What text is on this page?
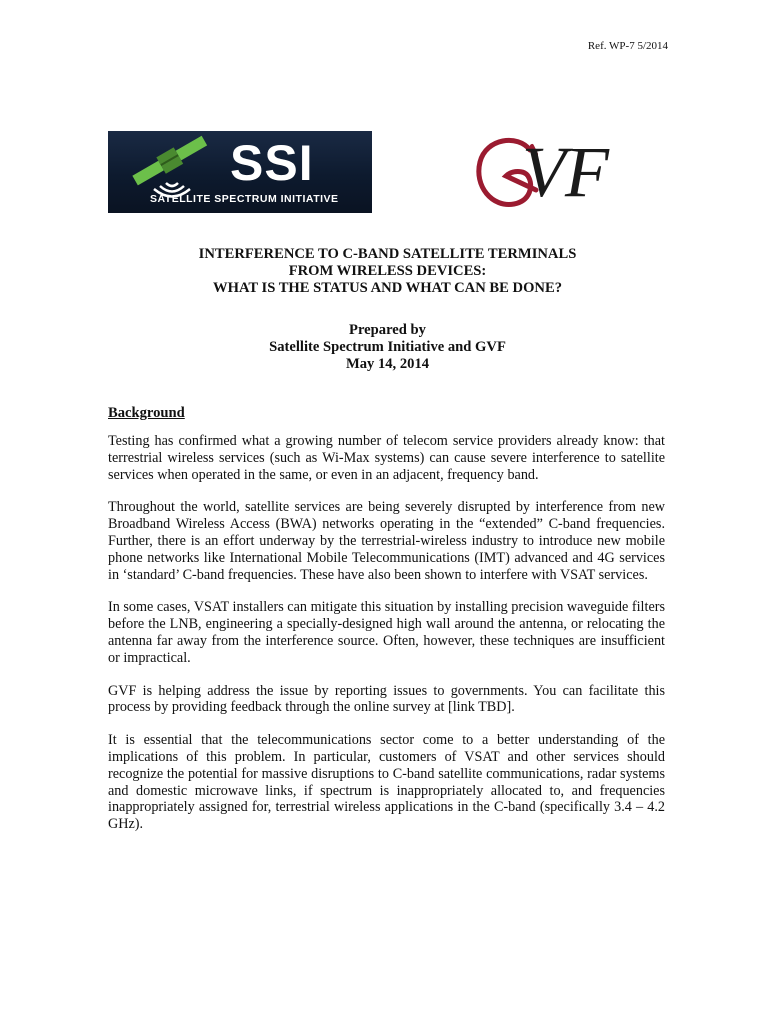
Ref. WP-7 5/2014
SSI
SATELLITE SPECTRUM INITIATIVE	VF
INTERFERENCE TO C-BAND SATELLITE TERMINALS
FROM WIRELESS DEVICES:
WHAT IS THE STATUS AND WHAT CAN BE DONE?
Prepared by
Satellite Spectrum Initiative and GVF
May 14, 2014
Background

Testing has confirmed what a growing number of telecom service providers already know: that terrestrial wireless services (such as Wi-Max systems) can cause severe interference to satellite services when operated in the same, or even in an adjacent, frequency band.

Throughout the world, satellite services are being severely disrupted by interference from new Broadband Wireless Access (BWA) networks operating in the “extended” C-band frequencies. Further, there is an effort underway by the terrestrial-wireless industry to introduce new mobile phone networks like International Mobile Telecommunications (IMT) advanced and 4G services in ‘standard’ C-band frequencies. These have also been shown to interfere with VSAT services.

In some cases, VSAT installers can mitigate this situation by installing precision waveguide filters before the LNB, engineering a specially-designed high wall around the antenna, or relocating the antenna far away from the interference source. Often, however, these techniques are insufficient or impractical.

GVF is helping address the issue by reporting issues to governments. You can facilitate this process by providing feedback through the online survey at [link TBD].

It is essential that the telecommunications sector come to a better understanding of the implications of this problem. In particular, customers of VSAT and other services should recognize the potential for massive disruptions to C-band satellite communications, radar systems and domestic microwave links, if spectrum is inappropriately allocated to, and frequencies inappropriately assigned for, terrestrial wireless applications in the C-band (specifically 3.4 – 4.2 GHz).
